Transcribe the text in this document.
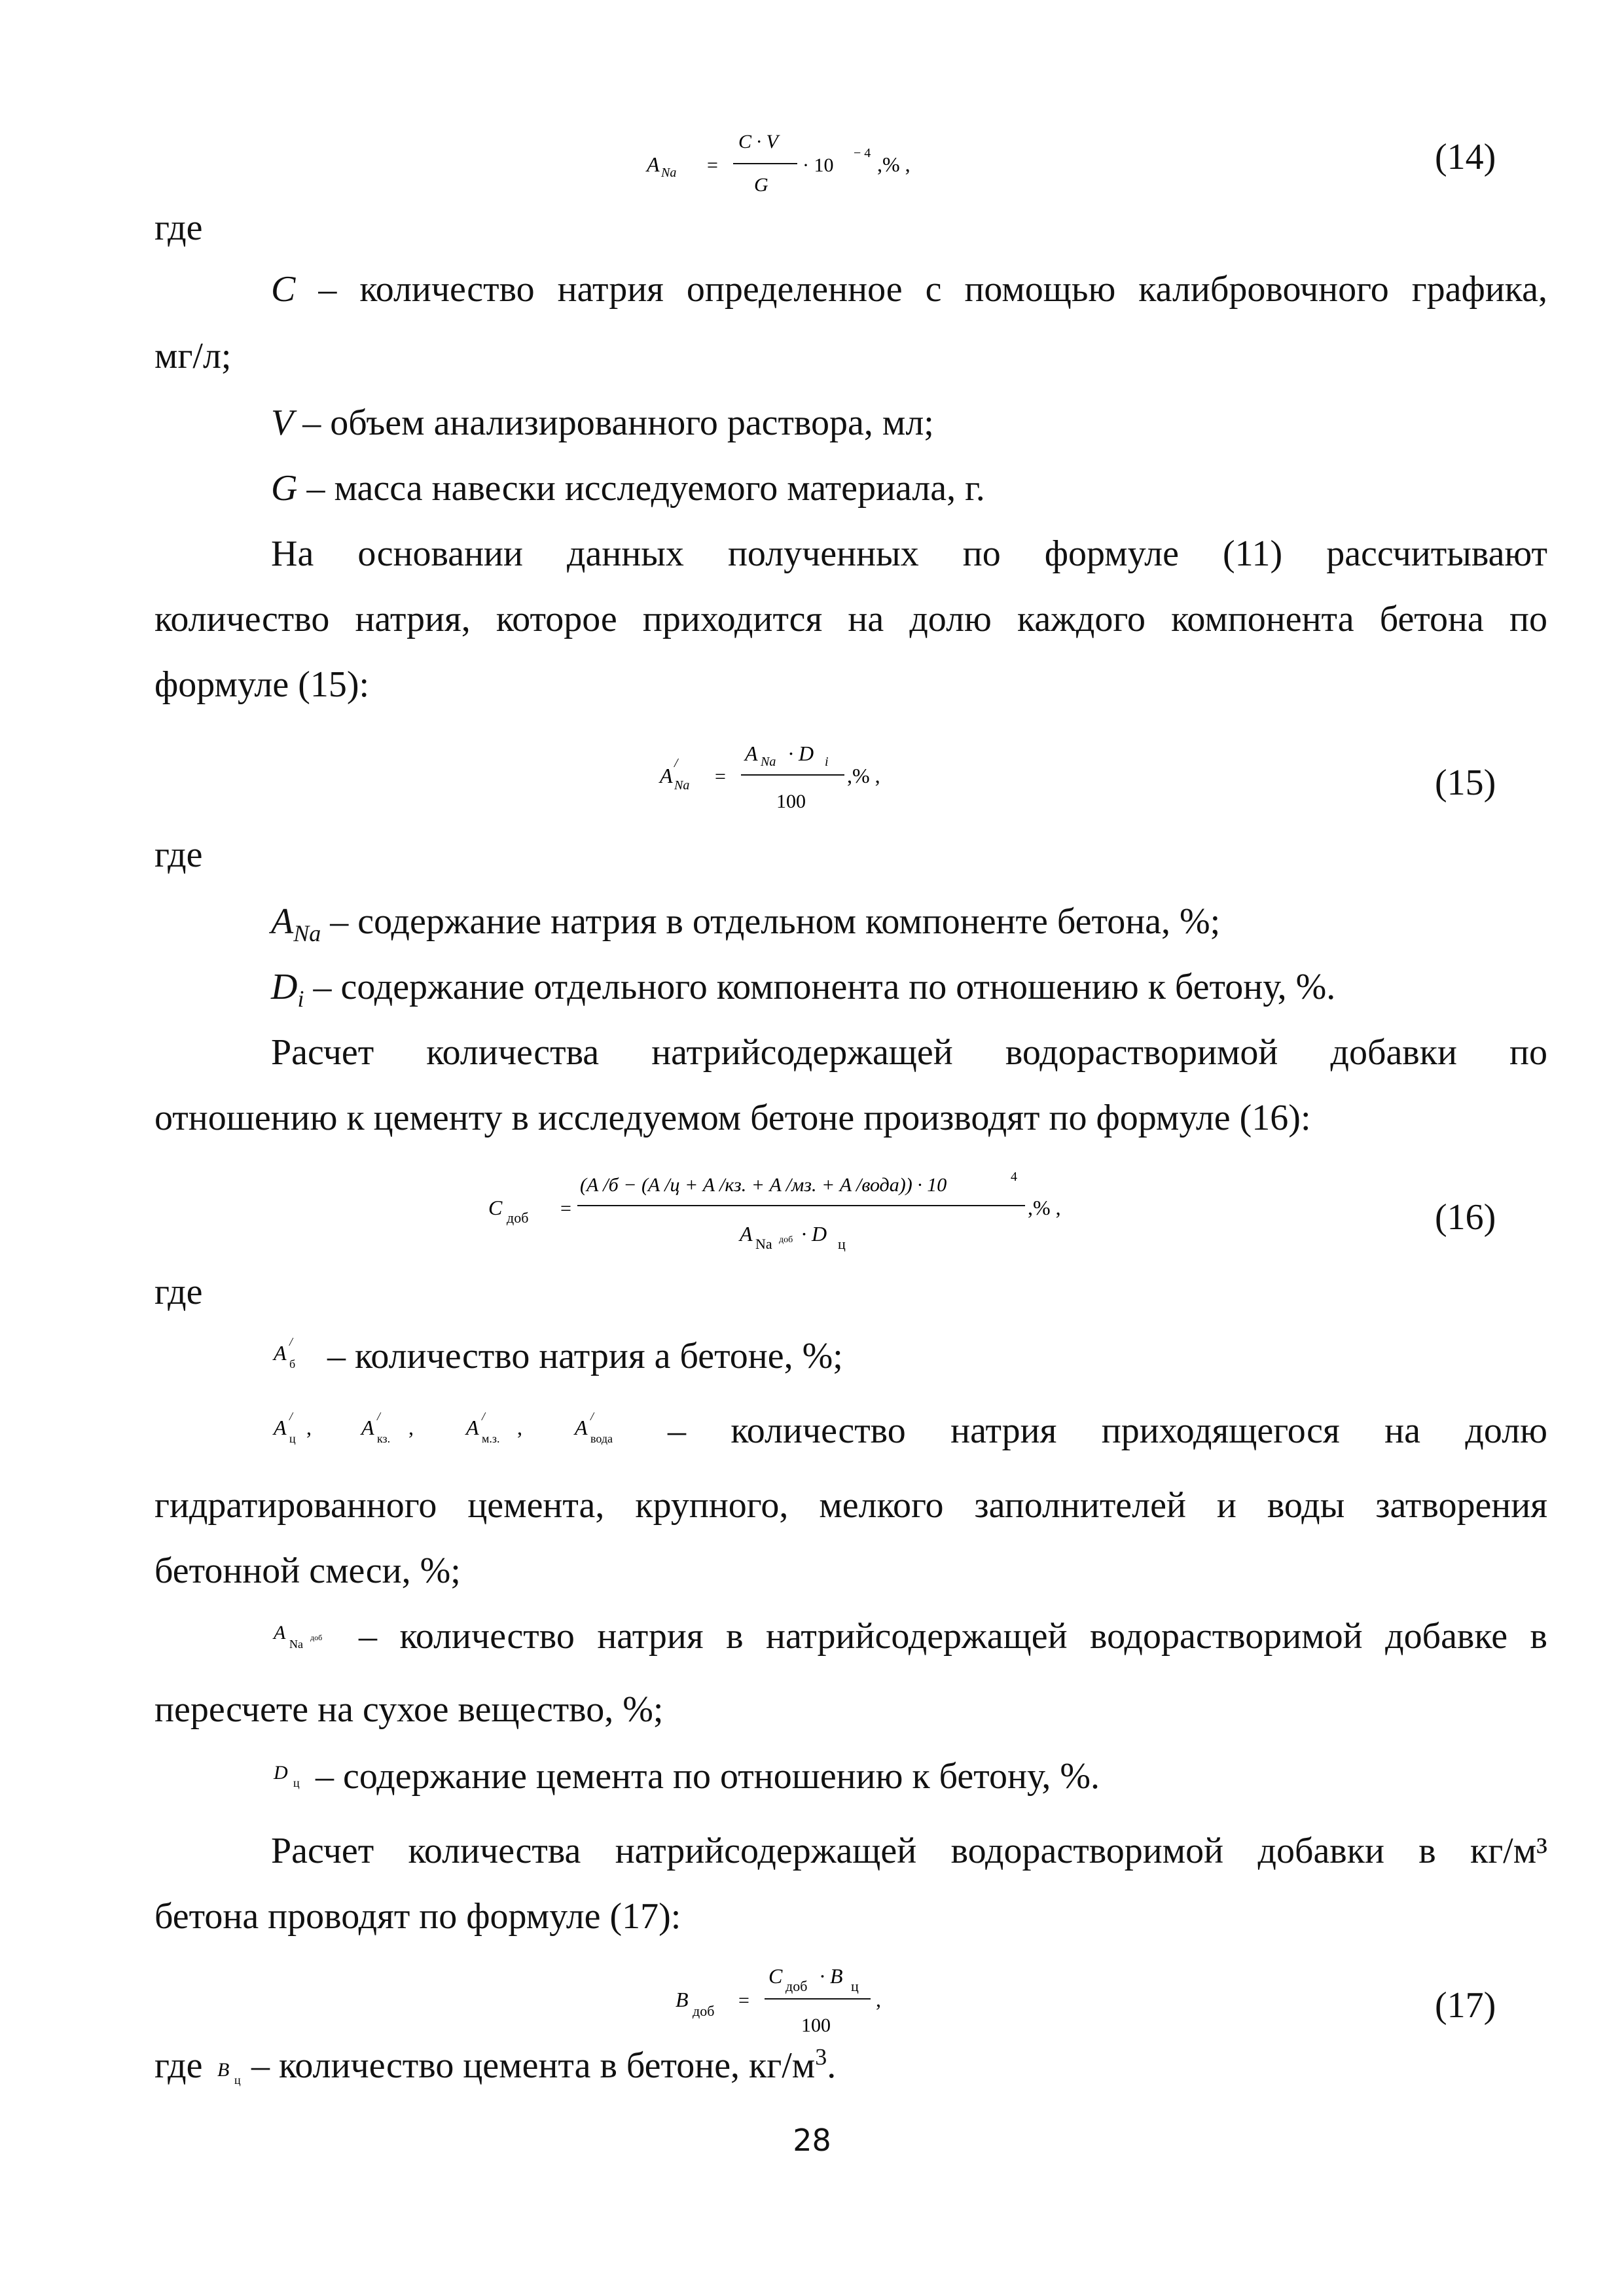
A Na =
C · V
G
· 10
− 4 ,% ,	(14)
где
C – количество натрия определенное с помощью калибровочного графика,
мг/л;
V – объем анализированного раствора, мл;
G – масса навески исследуемого материала, г.
На основании данных полученных по формуле (11) рассчитывают
количество натрия, которое приходится на долю каждого компонента бетона по
формуле (15):
A
/
Na =
A Na · D i
100
,% ,	(15)
где
$A_{Na}$ – содержание натрия в отдельном компоненте бетона, %;
$D_i$ – содержание отдельного компонента по отношению к бетону, %.
Расчет количества натрийсодержащей водорастворимой добавки по
отношению к цементу в исследуемом бетоне производят по формуле (16):
C доб =
(A /б − (A /ц + A /кз. + A /мз. + A /вода)) · 10	4
A Na доб · D ц
,% ,	(16)
где
A /
б – количество натрия а бетоне, %;
A /
ц , A /
кз. ,	A /
м.з. ,	A /
вода – количество натрия приходящегося на долю
гидратированного цемента, крупного, мелкого заполнителей и воды затворения
бетонной смеси, %;
A
Na доб – количество натрия в натрийсодержащей водорастворимой добавке в
пересчете на сухое вещество, %;
D ц – содержание цемента по отношению к бетону, %.
Расчет количества натрийсодержащей водорастворимой добавки в кг/м³
бетона проводят по формуле (17):
B доб =
C доб · B ц
100
,	(17)
где B ц – количество цемента в бетоне, $кг/м^3$.
28
